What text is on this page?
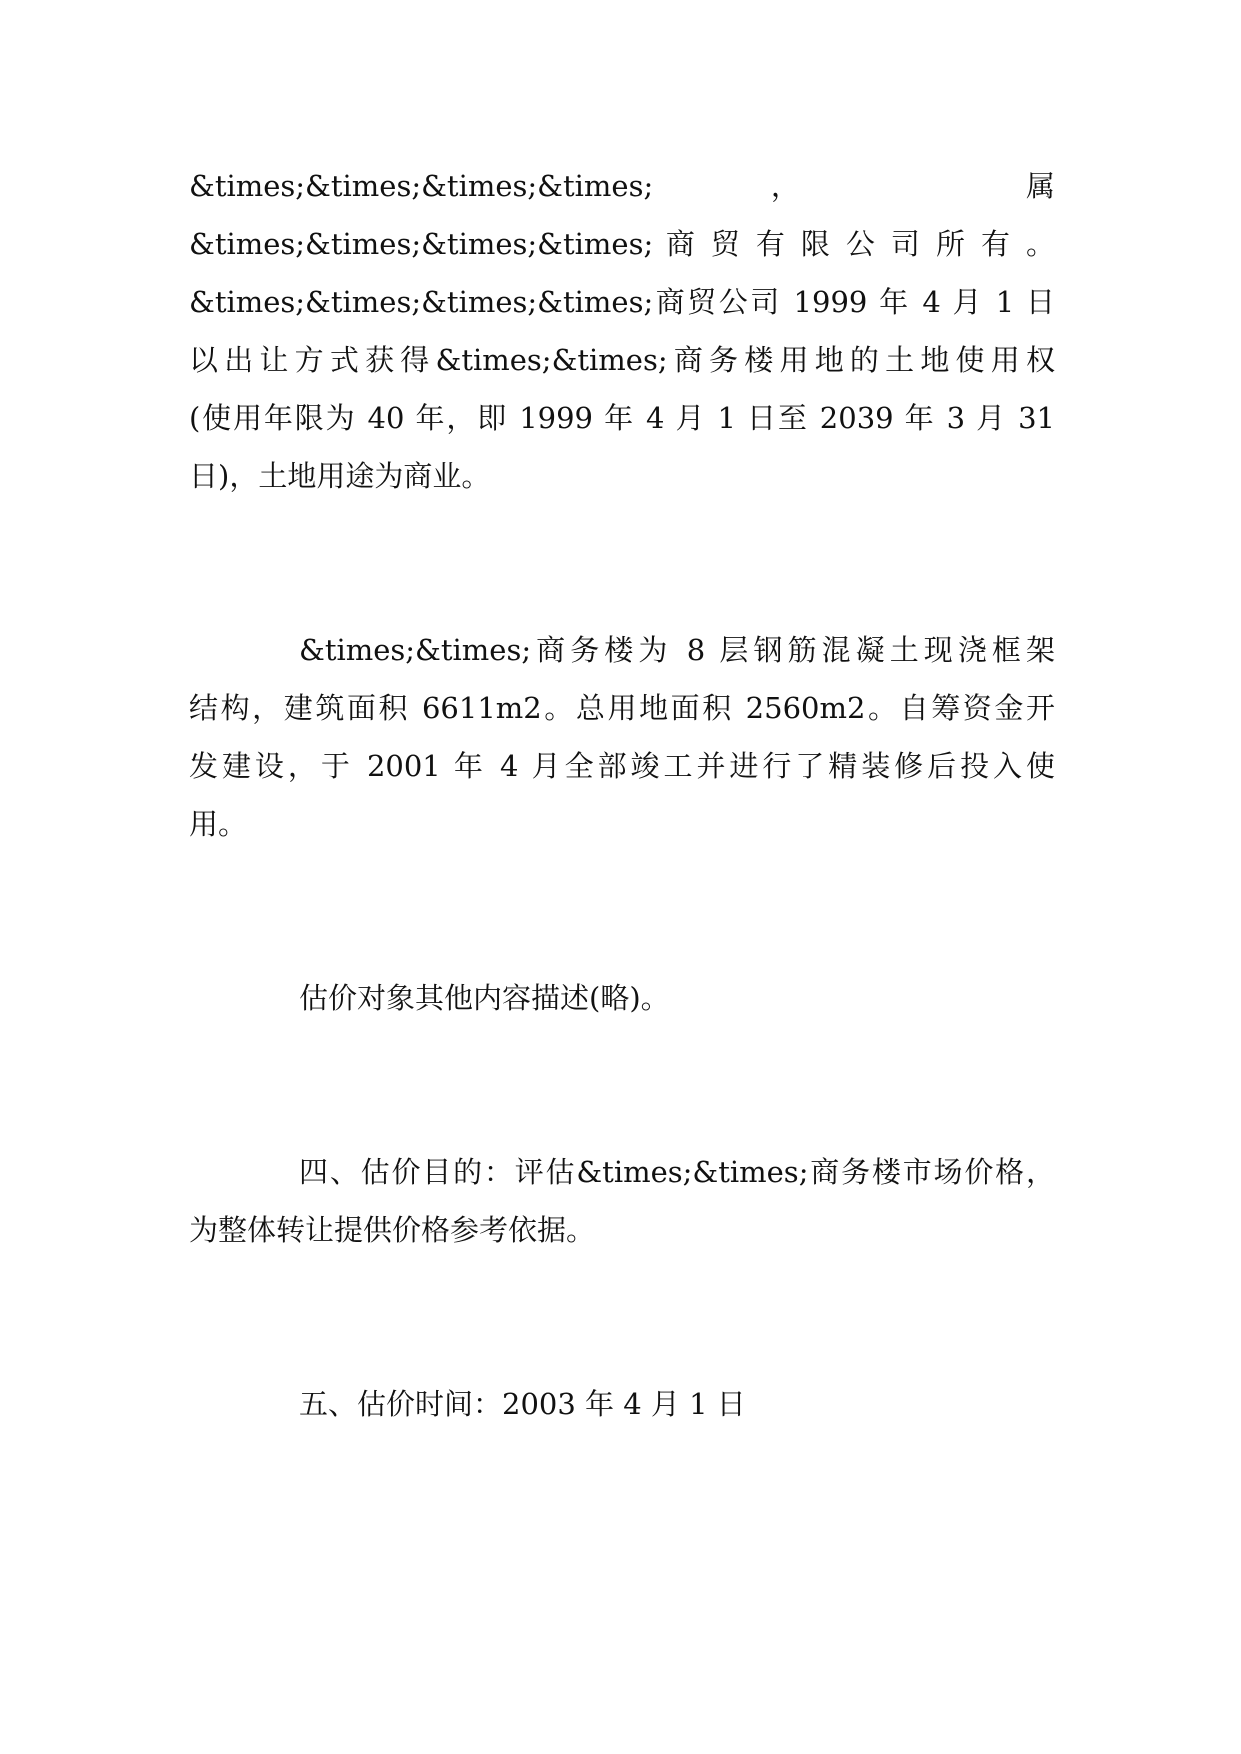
&times;&times;&times;&times; ， 属
&times;&times;&times;&times; 商 贸 有 限 公 司 所 有 。
&times;&times;&times;&times;商贸公司 1999 年 4 月 1 日
以出让方式获得&times;&times;商务楼用地的土地使用权
(使用年限为 40 年，即 1999 年 4 月 1 日至 2039 年 3 月 31
日)，土地用途为商业。
&times;&times;商务楼为 8 层钢筋混凝土现浇框架
结构，建筑面积 6611m2。总用地面积 2560m2。自筹资金开
发建设，于 2001 年 4 月全部竣工并进行了精装修后投入使
用。
估价对象其他内容描述(略)。
四、估价目的：评估&times;&times;商务楼市场价格，
为整体转让提供价格参考依据。
五、估价时间：2003 年 4 月 1 日
